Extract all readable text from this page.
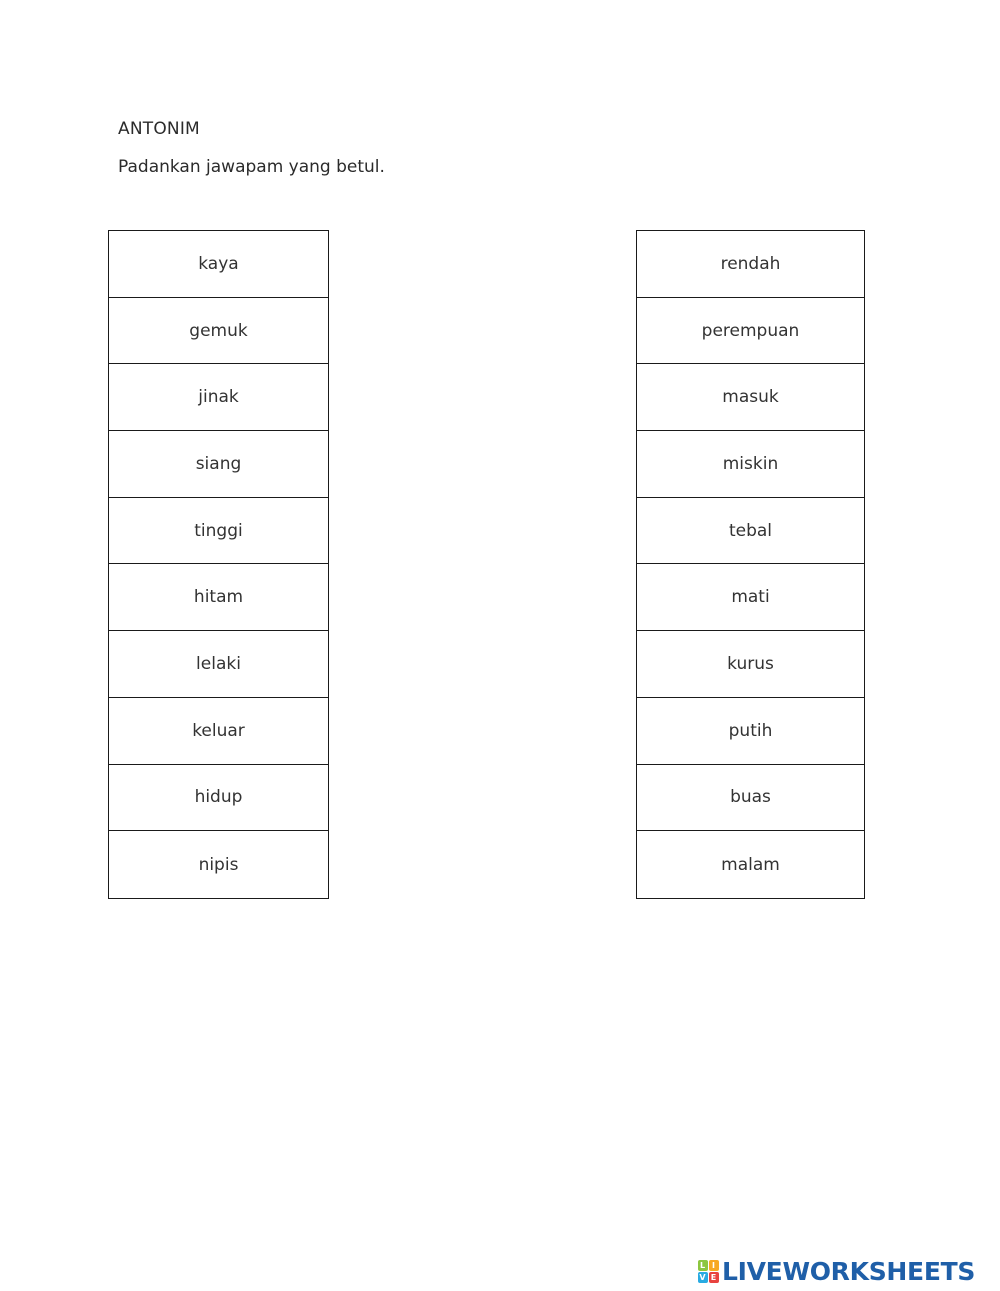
ANTONIM
Padankan jawapam yang betul.
kaya
gemuk
jinak
siang
tinggi
hitam
lelaki
keluar
hidup
nipis
rendah
perempuan
masuk
miskin
tebal
mati
kurus
putih
buas
malam
L I
V E LIVEWORKSHEETS
